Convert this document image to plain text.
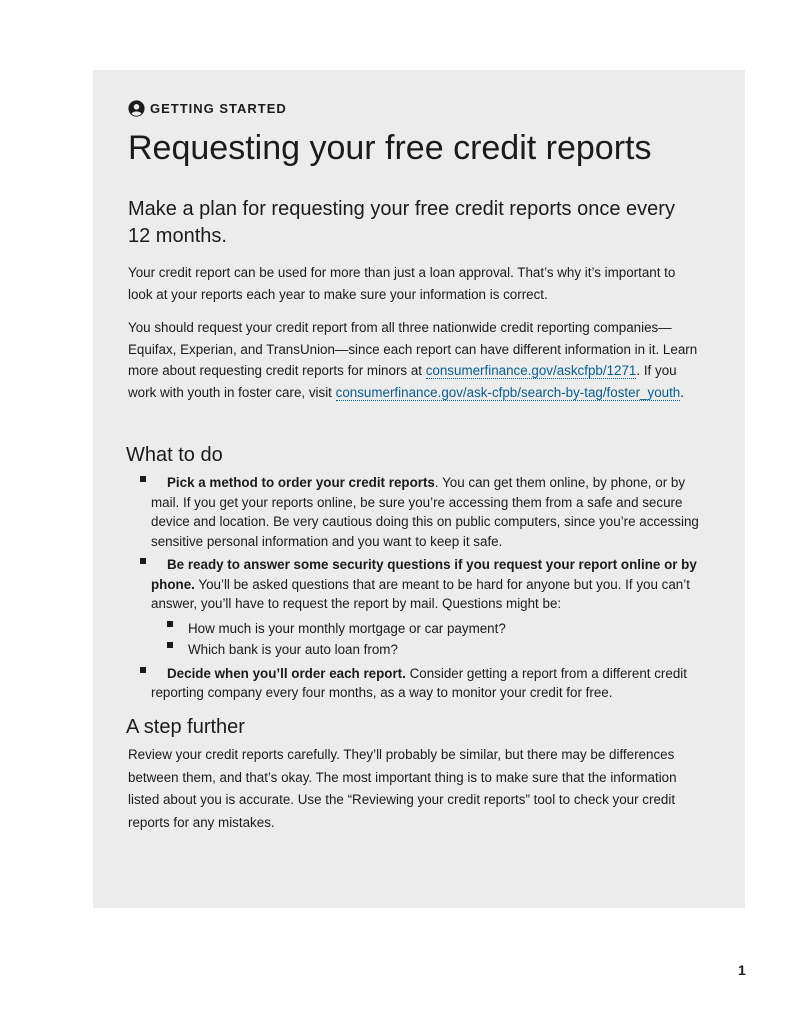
GETTING STARTED
Requesting your free credit reports

Make a plan for requesting your free credit reports once every 12 months.

Your credit report can be used for more than just a loan approval. That’s why it’s important to look at your reports each year to make sure your information is correct.

You should request your credit report from all three nationwide credit reporting companies—Equifax, Experian, and TransUnion—since each report can have different information in it. Learn more about requesting credit reports for minors at consumerfinance.gov/askcfpb/1271. If you work with youth in foster care, visit consumerfinance.gov/ask-cfpb/search-by-tag/foster_youth.

What to do
Pick a method to order your credit reports. You can get them online, by phone, or by mail. If you get your reports online, be sure you’re accessing them from a safe and secure device and location. Be very cautious doing this on public computers, since you’re accessing sensitive personal information and you want to keep it safe.
Be ready to answer some security questions if you request your report online or by phone. You’ll be asked questions that are meant to be hard for anyone but you. If you can’t answer, you’ll have to request the report by mail. Questions might be:
How much is your monthly mortgage or car payment?
Which bank is your auto loan from?
Decide when you’ll order each report. Consider getting a report from a different credit reporting company every four months, as a way to monitor your credit for free.
A step further

Review your credit reports carefully. They’ll probably be similar, but there may be differences between them, and that’s okay. The most important thing is to make sure that the information listed about you is accurate. Use the “Reviewing your credit reports” tool to check your credit reports for any mistakes.

1
